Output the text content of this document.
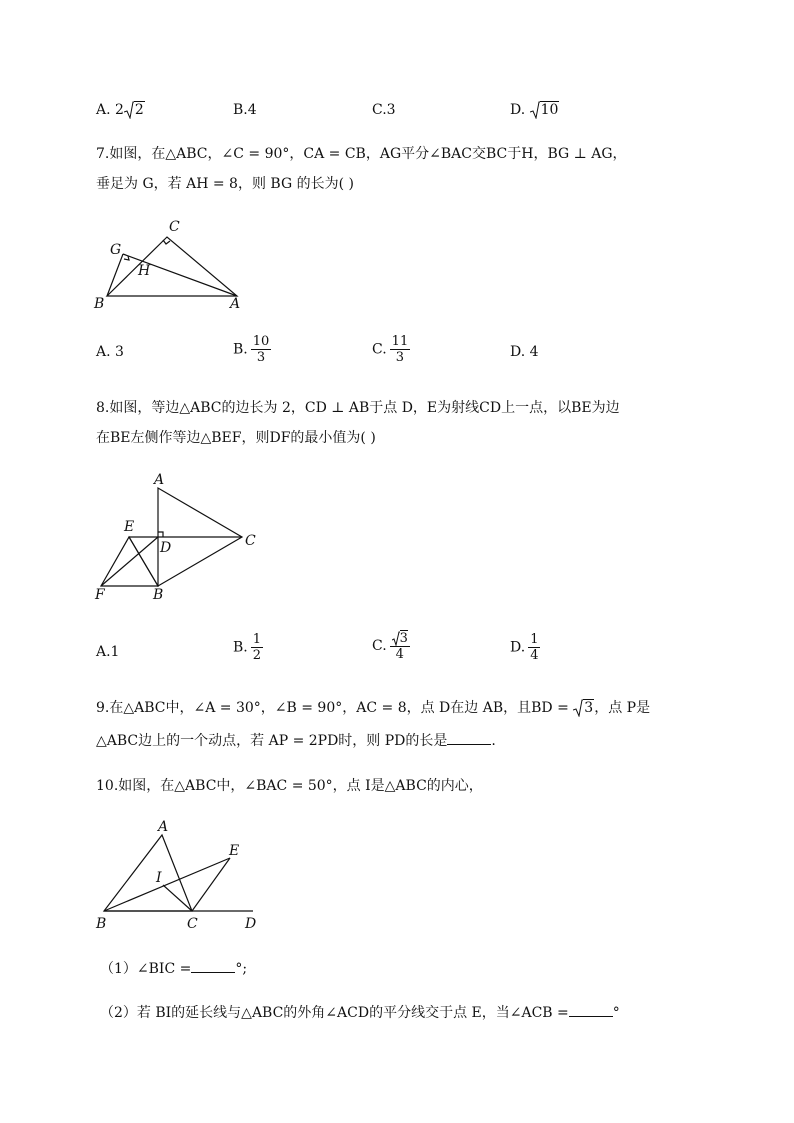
A. 2 2	B.4	C.3	D. 10
7.如图，在△ABC，∠C = 90°，CA = CB，AG平分∠BAC交BC于H，BG ⊥ AG，
垂足为 G，若 AH = 8，则 BG 的长为( )
B	A
C
G
H
A. 3	B. $\frac{10}{3}$	C. $\frac{11}{3}$	D. 4
8.如图，等边△ABC的边长为 2，CD ⊥ AB于点 D，E为射线CD上一点，以BE为边
在BE左侧作等边△BEF，则DF的最小值为( )
A
E
D	C
F	B
A.1	B. $\frac{1}{2}$	C. $\frac{3}{4}$	D. $\frac{1}{4}$
9.在△ABC中，∠A = 30°，∠B = 90°，AC = 8，点 D在边 AB，且BD = 3，点 P是
△ABC边上的一个动点，若 AP = 2PD时，则 PD的长是	.
10.如图，在△ABC中，∠BAC = 50°，点 I是△ABC的内心，
A
E
I
B	C	D
（1）∠BIC =	°;
（2）若 BI的延长线与△ABC的外角∠ACD的平分线交于点 E，当∠ACB =	°
